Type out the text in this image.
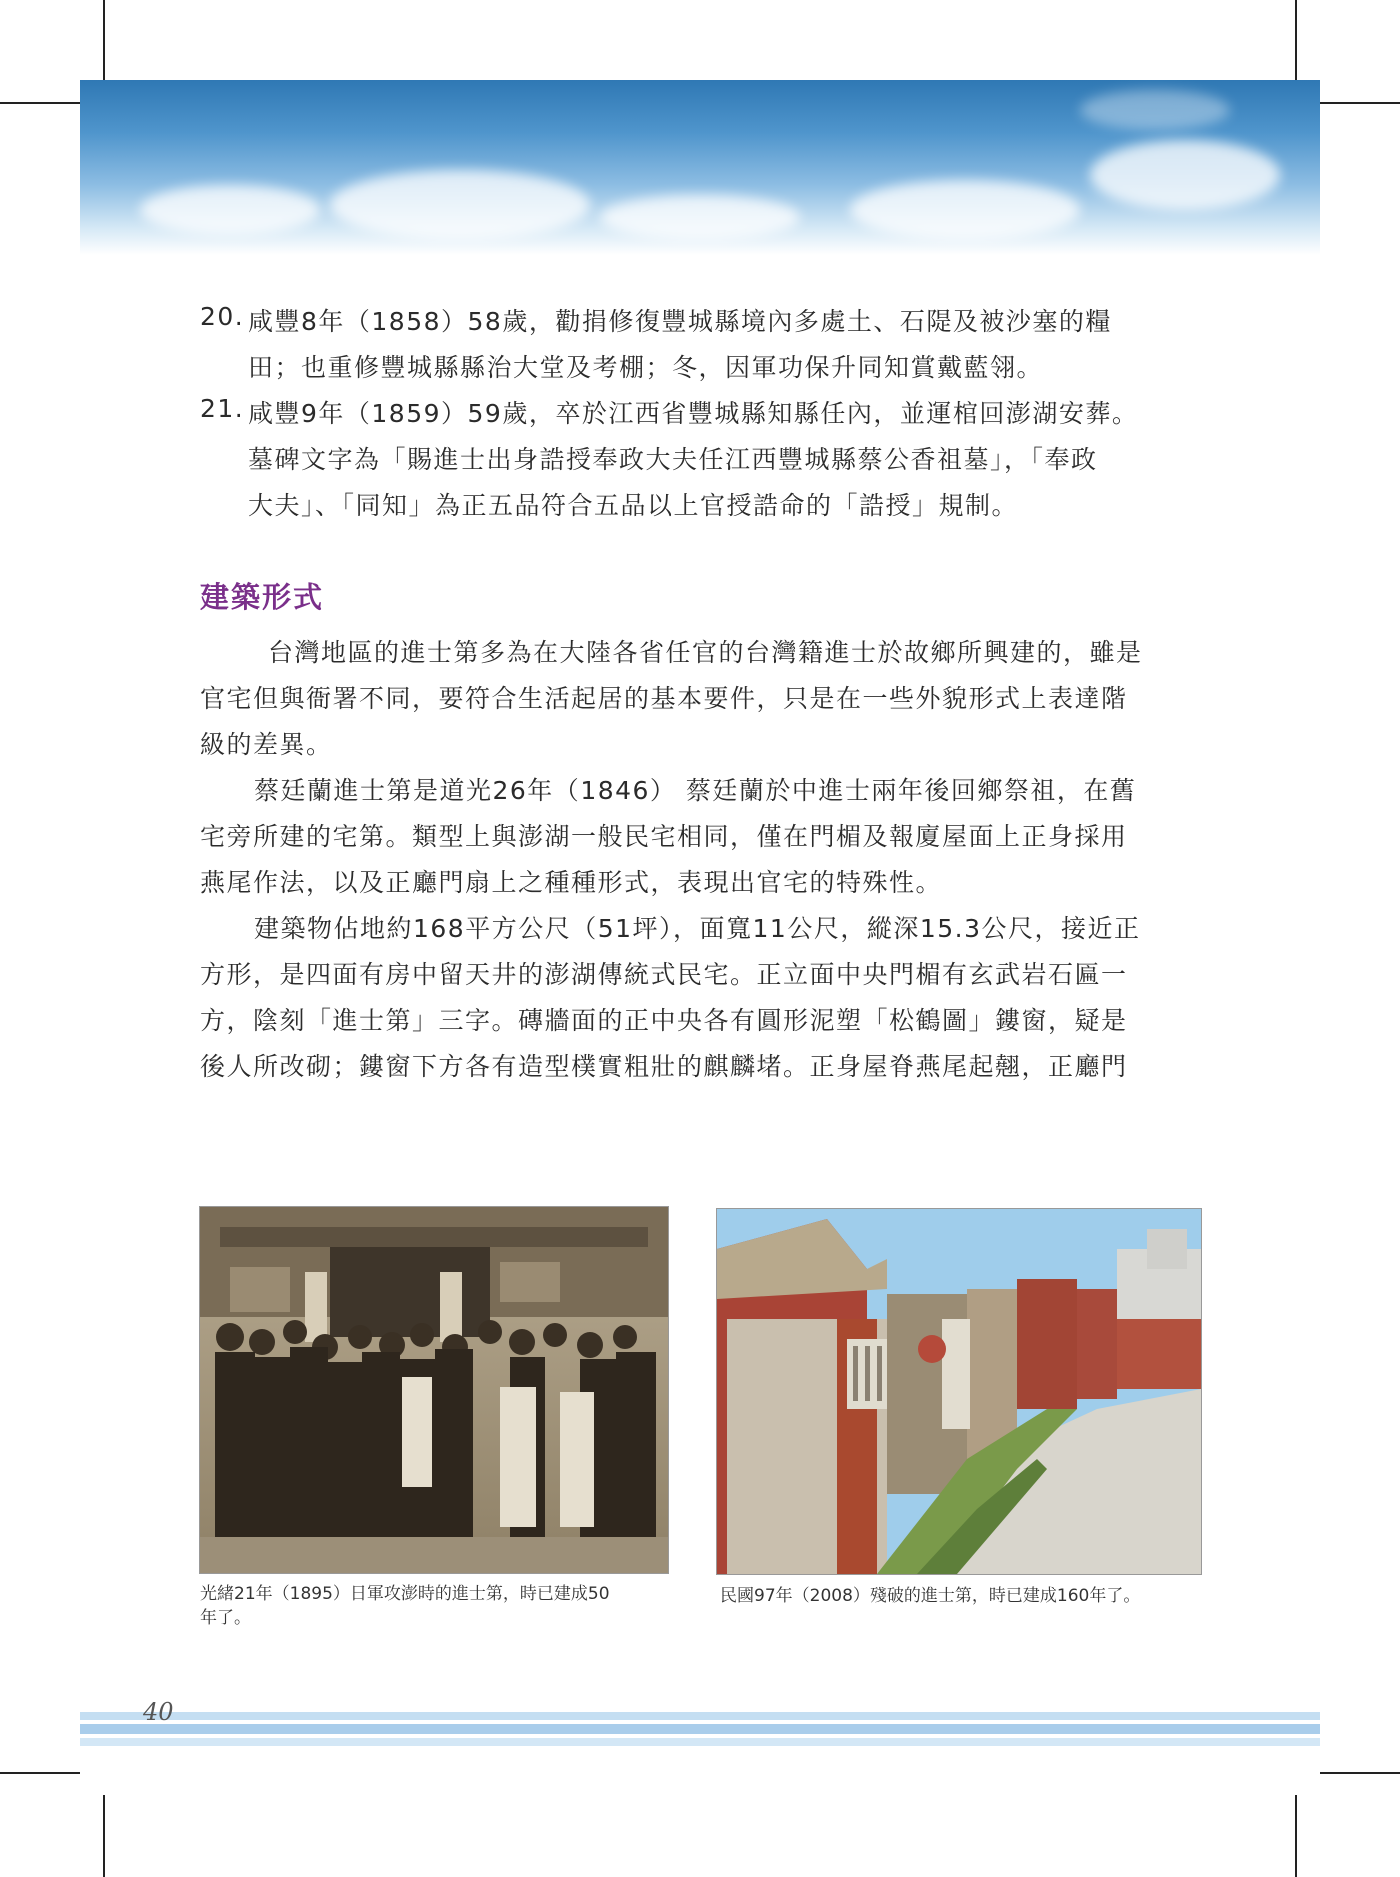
20. 咸豐8年（1858）58歲，勸捐修復豐城縣境內多處土、石隄及被沙塞的糧
田；也重修豐城縣縣治大堂及考棚；冬，因軍功保升同知賞戴藍翎。
21. 咸豐9年（1859）59歲，卒於江西省豐城縣知縣任內，並運棺回澎湖安葬。
墓碑文字為「賜進士出身誥授奉政大夫任江西豐城縣蔡公香祖墓」，「奉政
大夫」、「同知」為正五品符合五品以上官授誥命的「誥授」規制。
建築形式
台灣地區的進士第多為在大陸各省任官的台灣籍進士於故鄉所興建的，雖是
官宅但與衙署不同，要符合生活起居的基本要件，只是在一些外貌形式上表達階
級的差異。
蔡廷蘭進士第是道光26年（1846） 蔡廷蘭於中進士兩年後回鄉祭祖，在舊
宅旁所建的宅第。類型上與澎湖一般民宅相同，僅在門楣及報廈屋面上正身採用
燕尾作法，以及正廳門扇上之種種形式，表現出官宅的特殊性。
建築物佔地約168平方公尺（51坪），面寬11公尺，縱深15.3公尺，接近正
方形，是四面有房中留天井的澎湖傳統式民宅。正立面中央門楣有玄武岩石匾一
方，陰刻「進士第」三字。磚牆面的正中央各有圓形泥塑「松鶴圖」鏤窗，疑是
後人所改砌；鏤窗下方各有造型樸實粗壯的麒麟堵。正身屋脊燕尾起翹，正廳門
光緒21年（1895）日軍攻澎時的進士第，時已建成50
年了。
民國97年（2008）殘破的進士第，時已建成160年了。
40
